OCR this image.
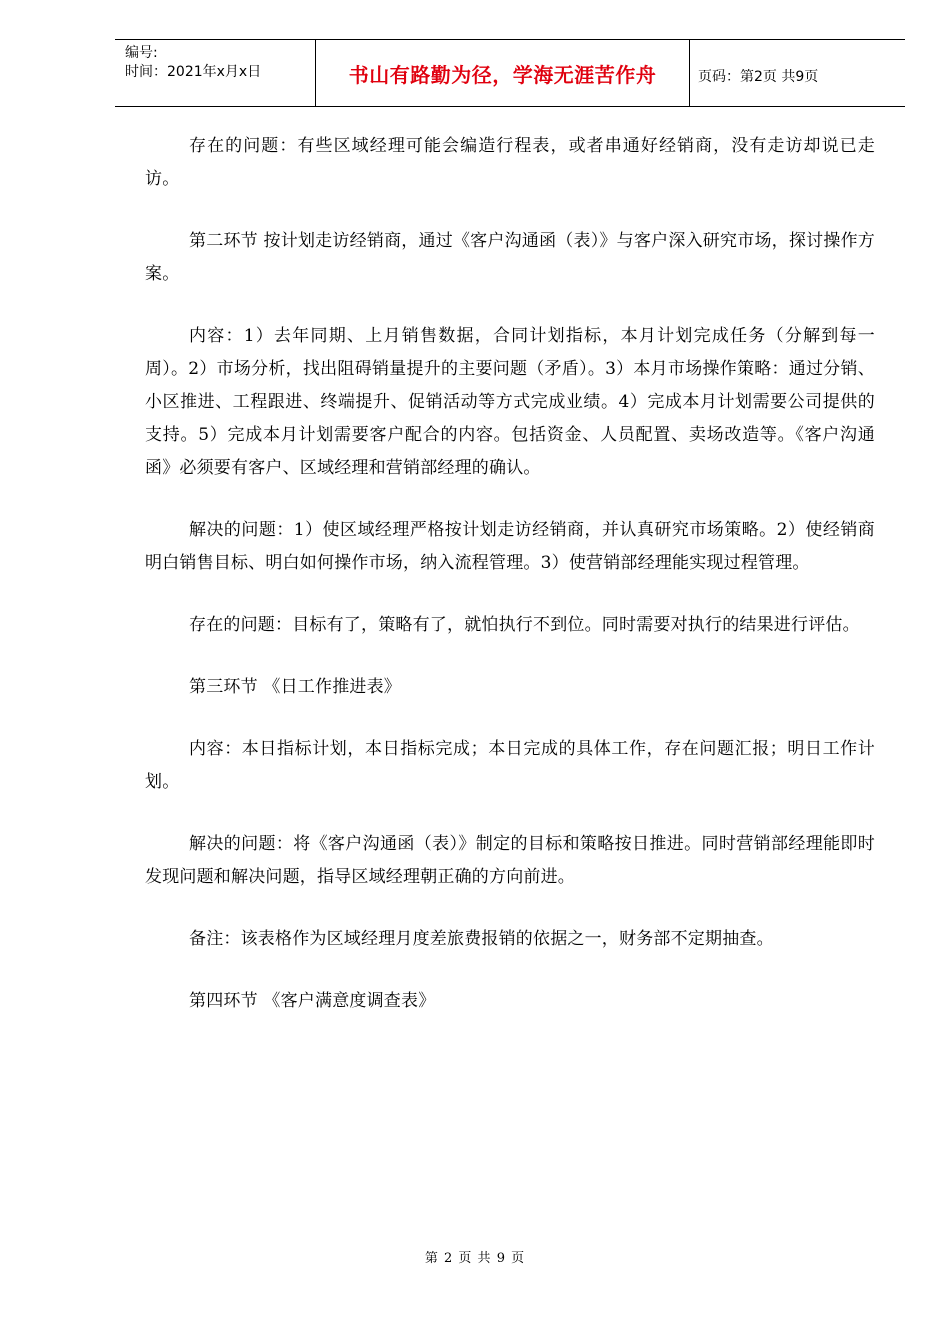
编号:
时间：2021年x月x日	书山有路勤为径，学海无涯苦作舟	页码：第2页 共9页

存在的问题：有些区域经理可能会编造行程表，或者串通好经销商，没有走访却说已走访。

第二环节 按计划走访经销商，通过《客户沟通函（表）》与客户深入研究市场，探讨操作方案。

内容：1）去年同期、上月销售数据，合同计划指标，本月计划完成任务（分解到每一周）。2）市场分析，找出阻碍销量提升的主要问题（矛盾）。3）本月市场操作策略：通过分销、小区推进、工程跟进、终端提升、促销活动等方式完成业绩。4）完成本月计划需要公司提供的支持。5）完成本月计划需要客户配合的内容。包括资金、人员配置、卖场改造等。《客户沟通函》必须要有客户、区域经理和营销部经理的确认。

解决的问题：1）使区域经理严格按计划走访经销商，并认真研究市场策略。2）使经销商明白销售目标、明白如何操作市场，纳入流程管理。3）使营销部经理能实现过程管理。

存在的问题：目标有了，策略有了，就怕执行不到位。同时需要对执行的结果进行评估。

第三环节 《日工作推进表》

内容：本日指标计划，本日指标完成；本日完成的具体工作，存在问题汇报；明日工作计划。

解决的问题：将《客户沟通函（表）》制定的目标和策略按日推进。同时营销部经理能即时发现问题和解决问题，指导区域经理朝正确的方向前进。

备注：该表格作为区域经理月度差旅费报销的依据之一，财务部不定期抽查。

第四环节 《客户满意度调查表》

第 2 页 共 9 页
